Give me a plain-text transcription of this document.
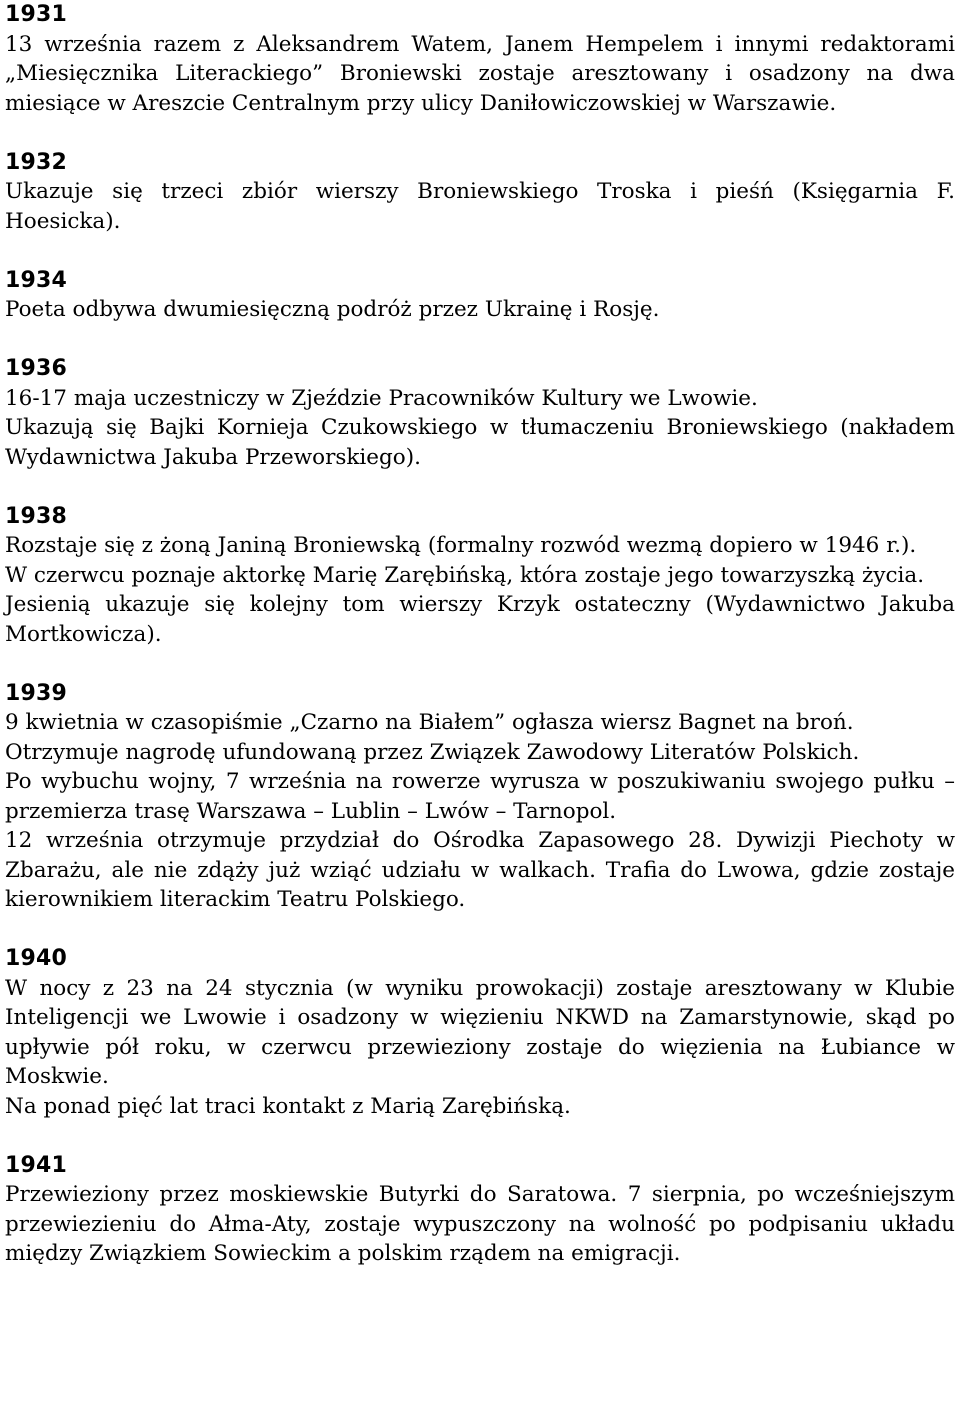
1931

13 września razem z Aleksandrem Watem, Janem Hempelem i innymi redaktorami „Miesięcznika Literackiego” Broniewski zostaje aresztowany i osadzony na dwa miesiące w Areszcie Centralnym przy ulicy Daniłowiczowskiej w Warszawie.

1932

Ukazuje się trzeci zbiór wierszy Broniewskiego Troska i pieśń (Księgarnia F. Hoesicka).

1934

Poeta odbywa dwumiesięczną podróż przez Ukrainę i Rosję.

1936

16-17 maja uczestniczy w Zjeździe Pracowników Kultury we Lwowie.

Ukazują się Bajki Kornieja Czukowskiego w tłumaczeniu Broniewskiego (nakładem Wydawnictwa Jakuba Przeworskiego).

1938

Rozstaje się z żoną Janiną Broniewską (formalny rozwód wezmą dopiero w 1946 r.).

W czerwcu poznaje aktorkę Marię Zarębińską, która zostaje jego towarzyszką życia.

Jesienią ukazuje się kolejny tom wierszy Krzyk ostateczny (Wydawnictwo Jakuba Mortkowicza).

1939

9 kwietnia w czasopiśmie „Czarno na Białem” ogłasza wiersz Bagnet na broń.

Otrzymuje nagrodę ufundowaną przez Związek Zawodowy Literatów Polskich.

Po wybuchu wojny, 7 września na rowerze wyrusza w poszukiwaniu swojego pułku – przemierza trasę Warszawa – Lublin – Lwów – Tarnopol.

12 września otrzymuje przydział do Ośrodka Zapasowego 28. Dywizji Piechoty w Zbarażu, ale nie zdąży już wziąć udziału w walkach. Trafia do Lwowa, gdzie zostaje kierownikiem literackim Teatru Polskiego.

1940

W nocy z 23 na 24 stycznia (w wyniku prowokacji) zostaje aresztowany w Klubie Inteligencji we Lwowie i osadzony w więzieniu NKWD na Zamarstynowie, skąd po upływie pół roku, w czerwcu przewieziony zostaje do więzienia na Łubiance w Moskwie.

Na ponad pięć lat traci kontakt z Marią Zarębińską.

1941

Przewieziony przez moskiewskie Butyrki do Saratowa. 7 sierpnia, po wcześniejszym przewiezieniu do Ałma-Aty, zostaje wypuszczony na wolność po podpisaniu układu między Związkiem Sowieckim a polskim rządem na emigracji.
